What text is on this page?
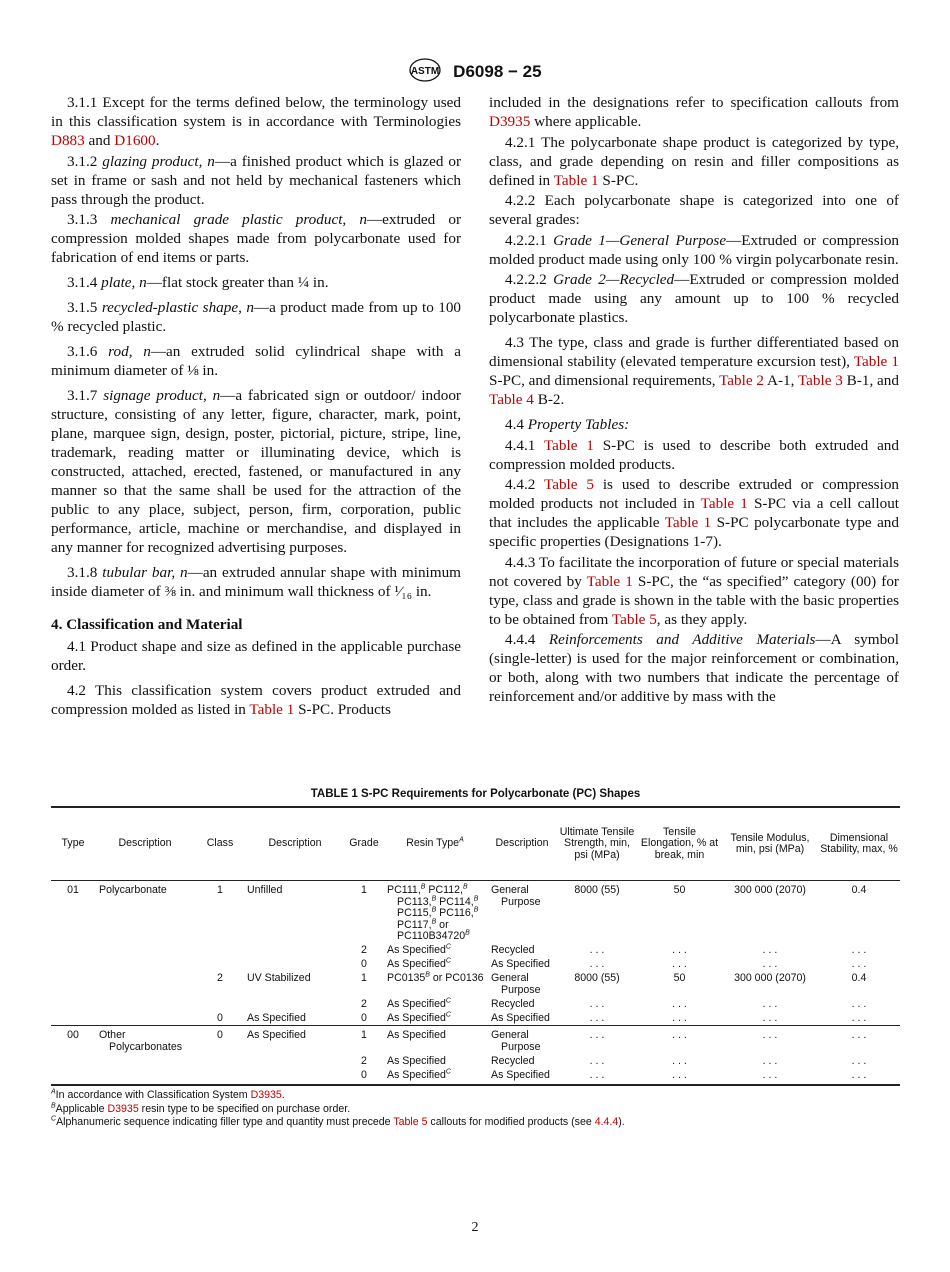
ASTM D6098 − 25

3.1.1 Except for the terms defined below, the terminology used in this classification system is in accordance with Terminologies D883 and D1600.

3.1.2 glazing product, n—a finished product which is glazed or set in frame or sash and not held by mechanical fasteners which pass through the product.

3.1.3 mechanical grade plastic product, n—extruded or compression molded shapes made from polycarbonate used for fabrication of end items or parts.

3.1.4 plate, n—flat stock greater than ¼ in.

3.1.5 recycled-plastic shape, n—a product made from up to 100 % recycled plastic.

3.1.6 rod, n—an extruded solid cylindrical shape with a minimum diameter of ⅛ in.

3.1.7 signage product, n—a fabricated sign or outdoor/ indoor structure, consisting of any letter, figure, character, mark, point, plane, marquee sign, design, poster, pictorial, picture, stripe, line, trademark, reading matter or illuminating device, which is constructed, attached, erected, fastened, or manufactured in any manner so that the same shall be used for the attraction of the public to any place, subject, person, firm, corporation, public performance, article, machine or merchandise, and displayed in any manner for recognized advertising purposes.

3.1.8 tubular bar, n—an extruded annular shape with minimum inside diameter of ⅜ in. and minimum wall thickness of ¹⁄₁₆ in.

4. Classification and Material

4.1 Product shape and size as defined in the applicable purchase order.

4.2 This classification system covers product extruded and compression molded as listed in Table 1 S-PC. Products

included in the designations refer to specification callouts from D3935 where applicable.

4.2.1 The polycarbonate shape product is categorized by type, class, and grade depending on resin and filler compositions as defined in Table 1 S-PC.

4.2.2 Each polycarbonate shape is categorized into one of several grades:

4.2.2.1 Grade 1—General Purpose—Extruded or compression molded product made using only 100 % virgin polycarbonate resin.

4.2.2.2 Grade 2—Recycled—Extruded or compression molded product made using any amount up to 100 % recycled polycarbonate plastics.

4.3 The type, class and grade is further differentiated based on dimensional stability (elevated temperature excursion test), Table 1 S-PC, and dimensional requirements, Table 2 A-1, Table 3 B-1, and Table 4 B-2.

4.4 Property Tables:

4.4.1 Table 1 S-PC is used to describe both extruded and compression molded products.

4.4.2 Table 5 is used to describe extruded or compression molded products not included in Table 1 S-PC via a cell callout that includes the applicable Table 1 S-PC polycarbonate type and specific properties (Designations 1-7).

4.4.3 To facilitate the incorporation of future or special materials not covered by Table 1 S-PC, the “as specified” category (00) for type, class and grade is shown in the table with the basic properties to be obtained from Table 5, as they apply.

4.4.4 Reinforcements and Additive Materials—A symbol (single-letter) is used for the major reinforcement or combination, or both, along with two numbers that indicate the percentage of reinforcement and/or additive by mass with the

TABLE 1 S-PC Requirements for Polycarbonate (PC) Shapes
Type	Description	Class	Description	Grade	Resin Type$^A$	Description	Ultimate Tensile Strength, min, psi (MPa)	Tensile Elongation, % at break, min	Tensile Modulus, min, psi (MPa)	Dimensional Stability, max, %
01	Polycarbonate	1	Unfilled	1	PC111,$^B$ PC112,$^B$ PC113,$^B$ PC114,$^B$ PC115,$^B$ PC116,$^B$ PC117,$^B$ or $PC110B34720^B$	General Purpose	8000 (55)	50	300 000 (2070)	0.4
				2	As Specified$^C$	Recycled	. . .	. . .	. . .	. . .
				0	As Specified$^C$	As Specified	. . .	. . .	. . .	. . .
		2	UV Stabilized	1	$PC0135^B$ or PC0136	General Purpose	8000 (55)	50	300 000 (2070)	0.4
				2	As Specified$^C$	Recycled	. . .	. . .	. . .	. . .
		0	As Specified	0	As Specified$^C$	As Specified	. . .	. . .	. . .	. . .
00	Other Polycarbonates	0	As Specified	1	As Specified	General Purpose	. . .	. . .	. . .	. . .
				2	As Specified	Recycled	. . .	. . .	. . .	. . .
				0	As Specified$^C$	As Specified	. . .	. . .	. . .	. . .
$^A$In accordance with Classification System D3935.
$^B$Applicable D3935 resin type to be specified on purchase order.
$^C$Alphanumeric sequence indicating filler type and quantity must precede Table 5 callouts for modified products (see 4.4.4).
2
